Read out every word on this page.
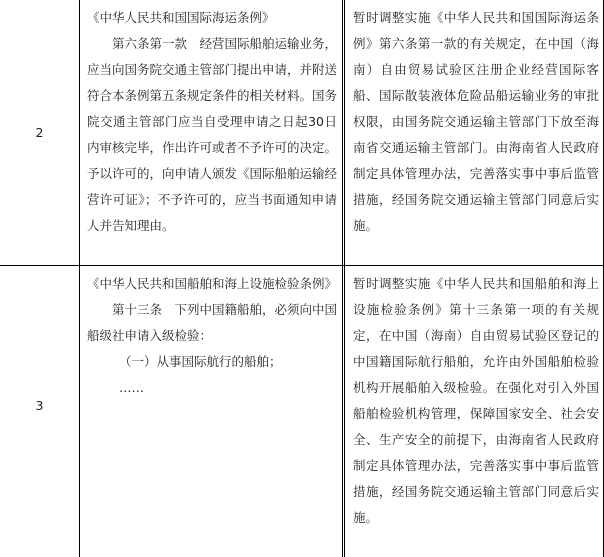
2

《中华人民共和国国际海运条例》

第六条第一款　经营国际船舶运输业务，应当向国务院交通主管部门提出申请，并附送符合本条例第五条规定条件的相关材料。国务院交通主管部门应当自受理申请之日起30日内审核完毕，作出许可或者不予许可的决定。予以许可的，向申请人颁发《国际船舶运输经营许可证》；不予许可的，应当书面通知申请人并告知理由。

暂时调整实施《中华人民共和国国际海运条例》第六条第一款的有关规定，在中国（海南）自由贸易试验区注册企业经营国际客船、国际散装液体危险品船运输业务的审批权限，由国务院交通运输主管部门下放至海南省交通运输主管部门。由海南省人民政府制定具体管理办法，完善落实事中事后监管措施，经国务院交通运输主管部门同意后实施。

3

《中华人民共和国船舶和海上设施检验条例》

第十三条　下列中国籍船舶，必须向中国船级社申请入级检验：

（一）从事国际航行的船舶；

……

暂时调整实施《中华人民共和国船舶和海上设施检验条例》第十三条第一项的有关规定，在中国（海南）自由贸易试验区登记的中国籍国际航行船舶，允许由外国船舶检验机构开展船舶入级检验。在强化对引入外国船舶检验机构管理，保障国家安全、社会安全、生产安全的前提下，由海南省人民政府制定具体管理办法，完善落实事中事后监管措施，经国务院交通运输主管部门同意后实施。
